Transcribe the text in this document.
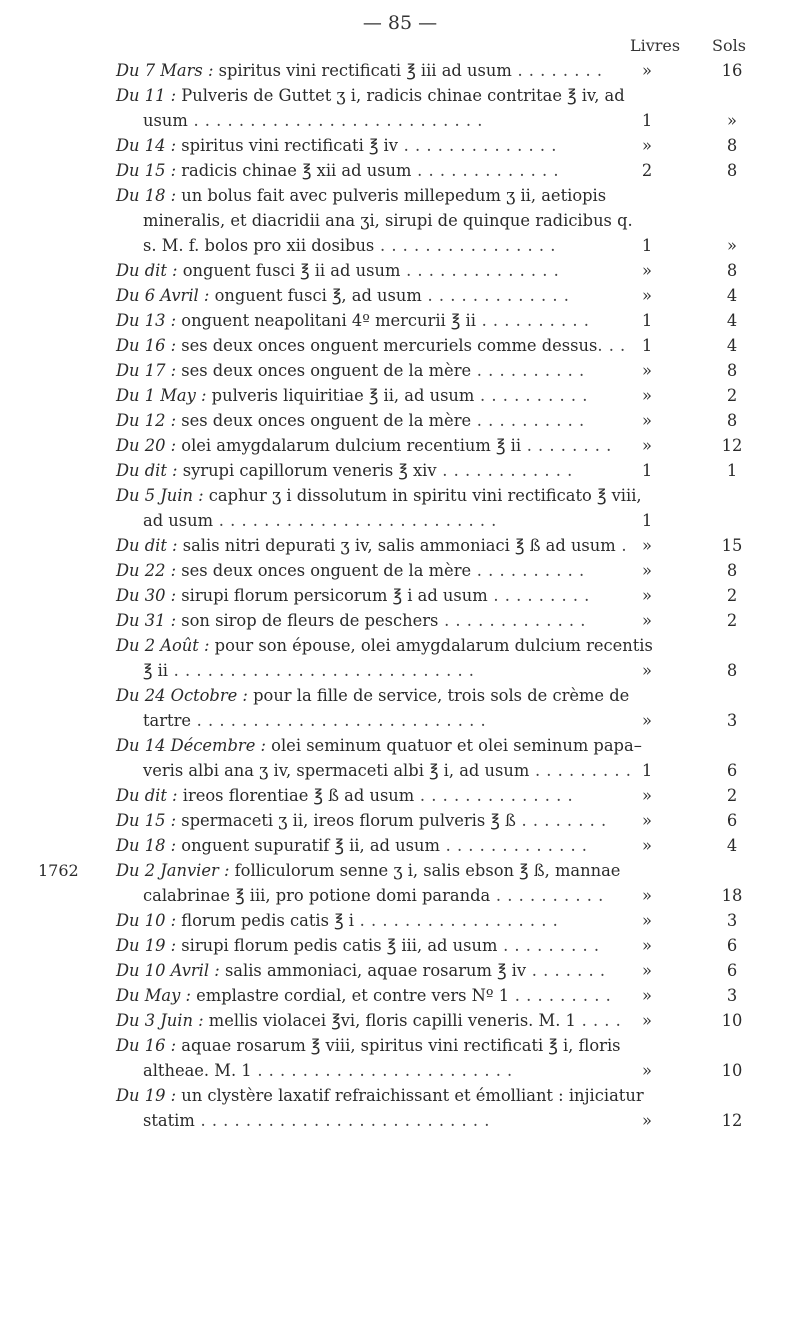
— 85 —
Livres Sols
Du 7 Mars : spiritus vini rectificati ℥ iii ad usum . . . . . . . .	»	16
Du 11 : Pulveris de Guttet ʒ i, radicis chinae contritae ℥ iv, ad
usum . . . . . . . . . . . . . . . . . . . . . . . . . .	1	»
Du 14 : spiritus vini rectificati ℥ iv . . . . . . . . . . . . . .	»	8
Du 15 : radicis chinae ℥ xii ad usum . . . . . . . . . . . . .	2	8
Du 18 : un bolus fait avec pulveris millepedum ʒ ii, aetiopis
mineralis, et diacridii ana ʒi, sirupi de quinque radicibus q.
s. M. f. bolos pro xii dosibus . . . . . . . . . . . . . . . .	1	»
Du dit : onguent fusci ℥ ii ad usum . . . . . . . . . . . . . .	»	8
Du 6 Avril : onguent fusci ℥, ad usum . . . . . . . . . . . . .	»	4
Du 13 : onguent neapolitani 4º mercurii ℥ ii . . . . . . . . . .	1	4
Du 16 : ses deux onces onguent mercuriels comme dessus. . . 1	4
Du 17 : ses deux onces onguent de la mère . . . . . . . . . .	»	8
Du 1 May : pulveris liquiritiae ℥ ii, ad usum . . . . . . . . . .	»	2
Du 12 : ses deux onces onguent de la mère . . . . . . . . . .	»	8
Du 20 : olei amygdalarum dulcium recentium ℥ ii . . . . . . . .	»	12
Du dit : syrupi capillorum veneris ℥ xiv . . . . . . . . . . . .	1	1
Du 5 Juin : caphur ʒ i dissolutum in spiritu vini rectificato ℥ viii,
ad usum . . . . . . . . . . . . . . . . . . . . . . . . .	1
Du dit : salis nitri depurati ʒ iv, salis ammoniaci ℥ ß ad usum . »	15
Du 22 : ses deux onces onguent de la mère . . . . . . . . . .	»	8
Du 30 : sirupi florum persicorum ℥ i ad usum . . . . . . . . .	»	2
Du 31 : son sirop de fleurs de peschers . . . . . . . . . . . . .	»	2
Du 2 Août : pour son épouse, olei amygdalarum dulcium recentis
℥ ii . . . . . . . . . . . . . . . . . . . . . . . . . . .	»	8
Du 24 Octobre : pour la fille de service, trois sols de crème de
tartre . . . . . . . . . . . . . . . . . . . . . . . . . .	»	3
Du 14 Décembre : olei seminum quatuor et olei seminum papa–
veris albi ana ʒ iv, spermaceti albi ℥ i, ad usum . . . . . . . . . 1	6
Du dit : ireos florentiae ℥ ß ad usum . . . . . . . . . . . . . .	»	2
Du 15 : spermaceti ʒ ii, ireos florum pulveris ℥ ß . . . . . . . .	»	6
Du 18 : onguent supuratif ℥ ii, ad usum . . . . . . . . . . . . .	»	4
Du 2 Janvier : folliculorum senne ʒ i, salis ebson ℥ ß, mannae
1762
calabrinae ℥ iii, pro potione domi paranda . . . . . . . . . .	»	18
Du 10 : florum pedis catis ℥ i . . . . . . . . . . . . . . . . . .	»	3
Du 19 : sirupi florum pedis catis ℥ iii, ad usum . . . . . . . . .	»	6
Du 10 Avril : salis ammoniaci, aquae rosarum ℥ iv . . . . . . .	»	6
Du May : emplastre cordial, et contre vers Nº 1 . . . . . . . . .	»	3
Du 3 Juin : mellis violacei ℥vi, floris capilli veneris. M. 1 . . . .	»	10
Du 16 : aquae rosarum ℥ viii, spiritus vini rectificati ℥ i, floris
altheae. M. 1 . . . . . . . . . . . . . . . . . . . . . . .	»	10
Du 19 : un clystère laxatif refraichissant et émolliant : injiciatur
statim . . . . . . . . . . . . . . . . . . . . . . . . . .	»	12
